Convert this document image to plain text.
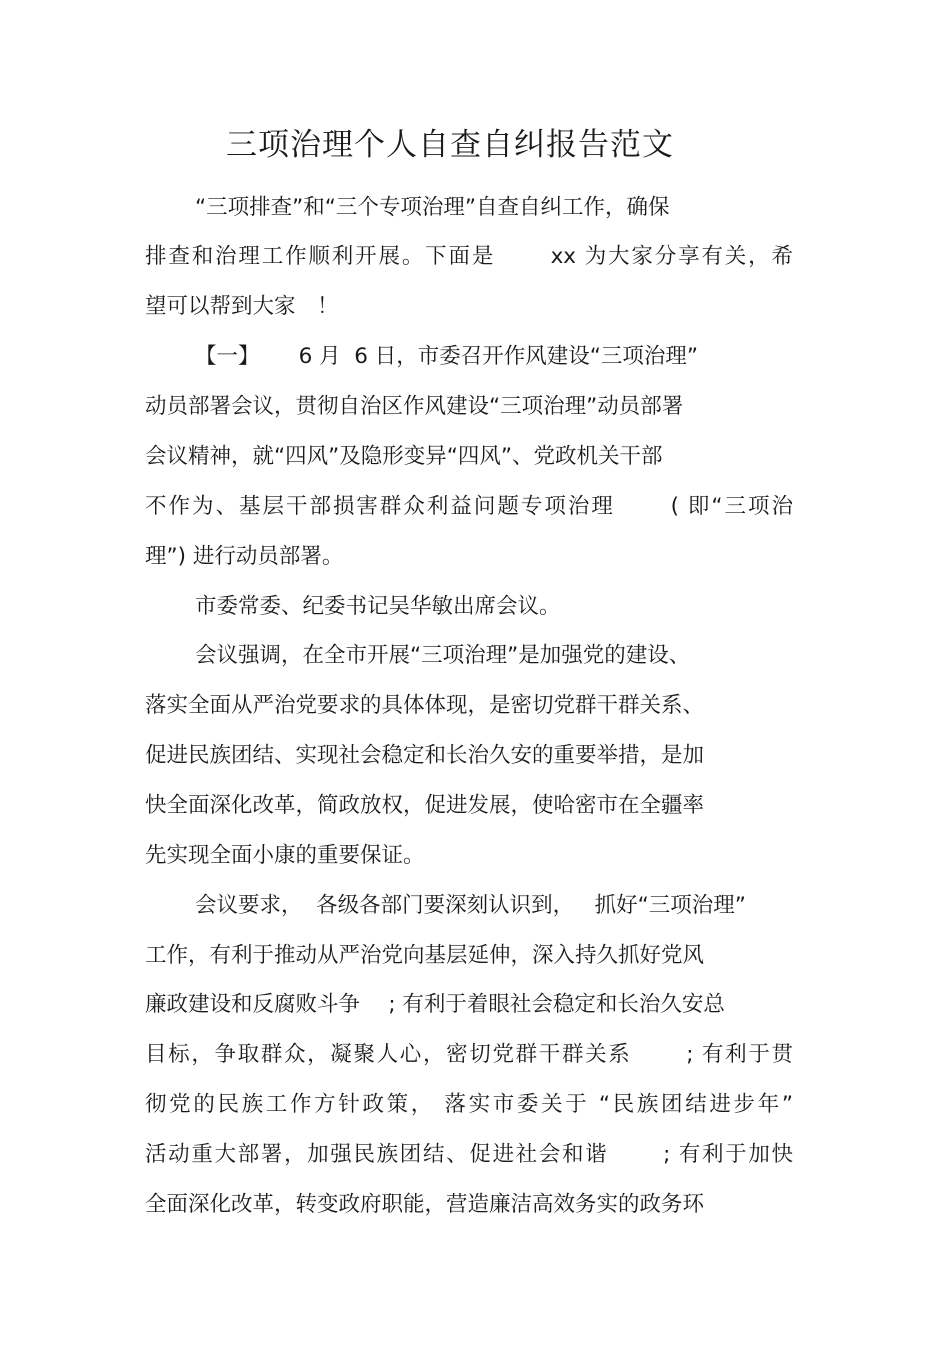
三项治理个人自查自纠报告范文
“三项排查”和“三个专项治理”自查自纠工作，确保
排查和治理工作顺利开展。下面是　　 xx 为大家分享有关，希
望可以帮到大家　！
【一】　　 6 月  6 日，市委召开作风建设“三项治理”
动员部署会议，贯彻自治区作风建设“三项治理”动员部署
会议精神，就“四风”及隐形变异“四风”、党政机关干部
不作为、基层干部损害群众利益问题专项治理　　 ( 即“三项治
理”) 进行动员部署。
市委常委、纪委书记吴华敏出席会议。
会议强调，在全市开展“三项治理”是加强党的建设、
落实全面从严治党要求的具体体现，是密切党群干群关系、
促进民族团结、实现社会稳定和长治久安的重要举措，是加
快全面深化改革，简政放权，促进发展，使哈密市在全疆率
先实现全面小康的重要保证。
会议要求，  各级各部门要深刻认识到，   抓好“三项治理”
工作，有利于推动从严治党向基层延伸，深入持久抓好党风
廉政建设和反腐败斗争　 ; 有利于着眼社会稳定和长治久安总
目标，争取群众，凝聚人心，密切党群干群关系　　 ; 有利于贯
彻党的民族工作方针政策， 落实市委关于 “民族团结进步年”
活动重大部署，加强民族团结、促进社会和谐　　 ; 有利于加快
全面深化改革，转变政府职能，营造廉洁高效务实的政务环
